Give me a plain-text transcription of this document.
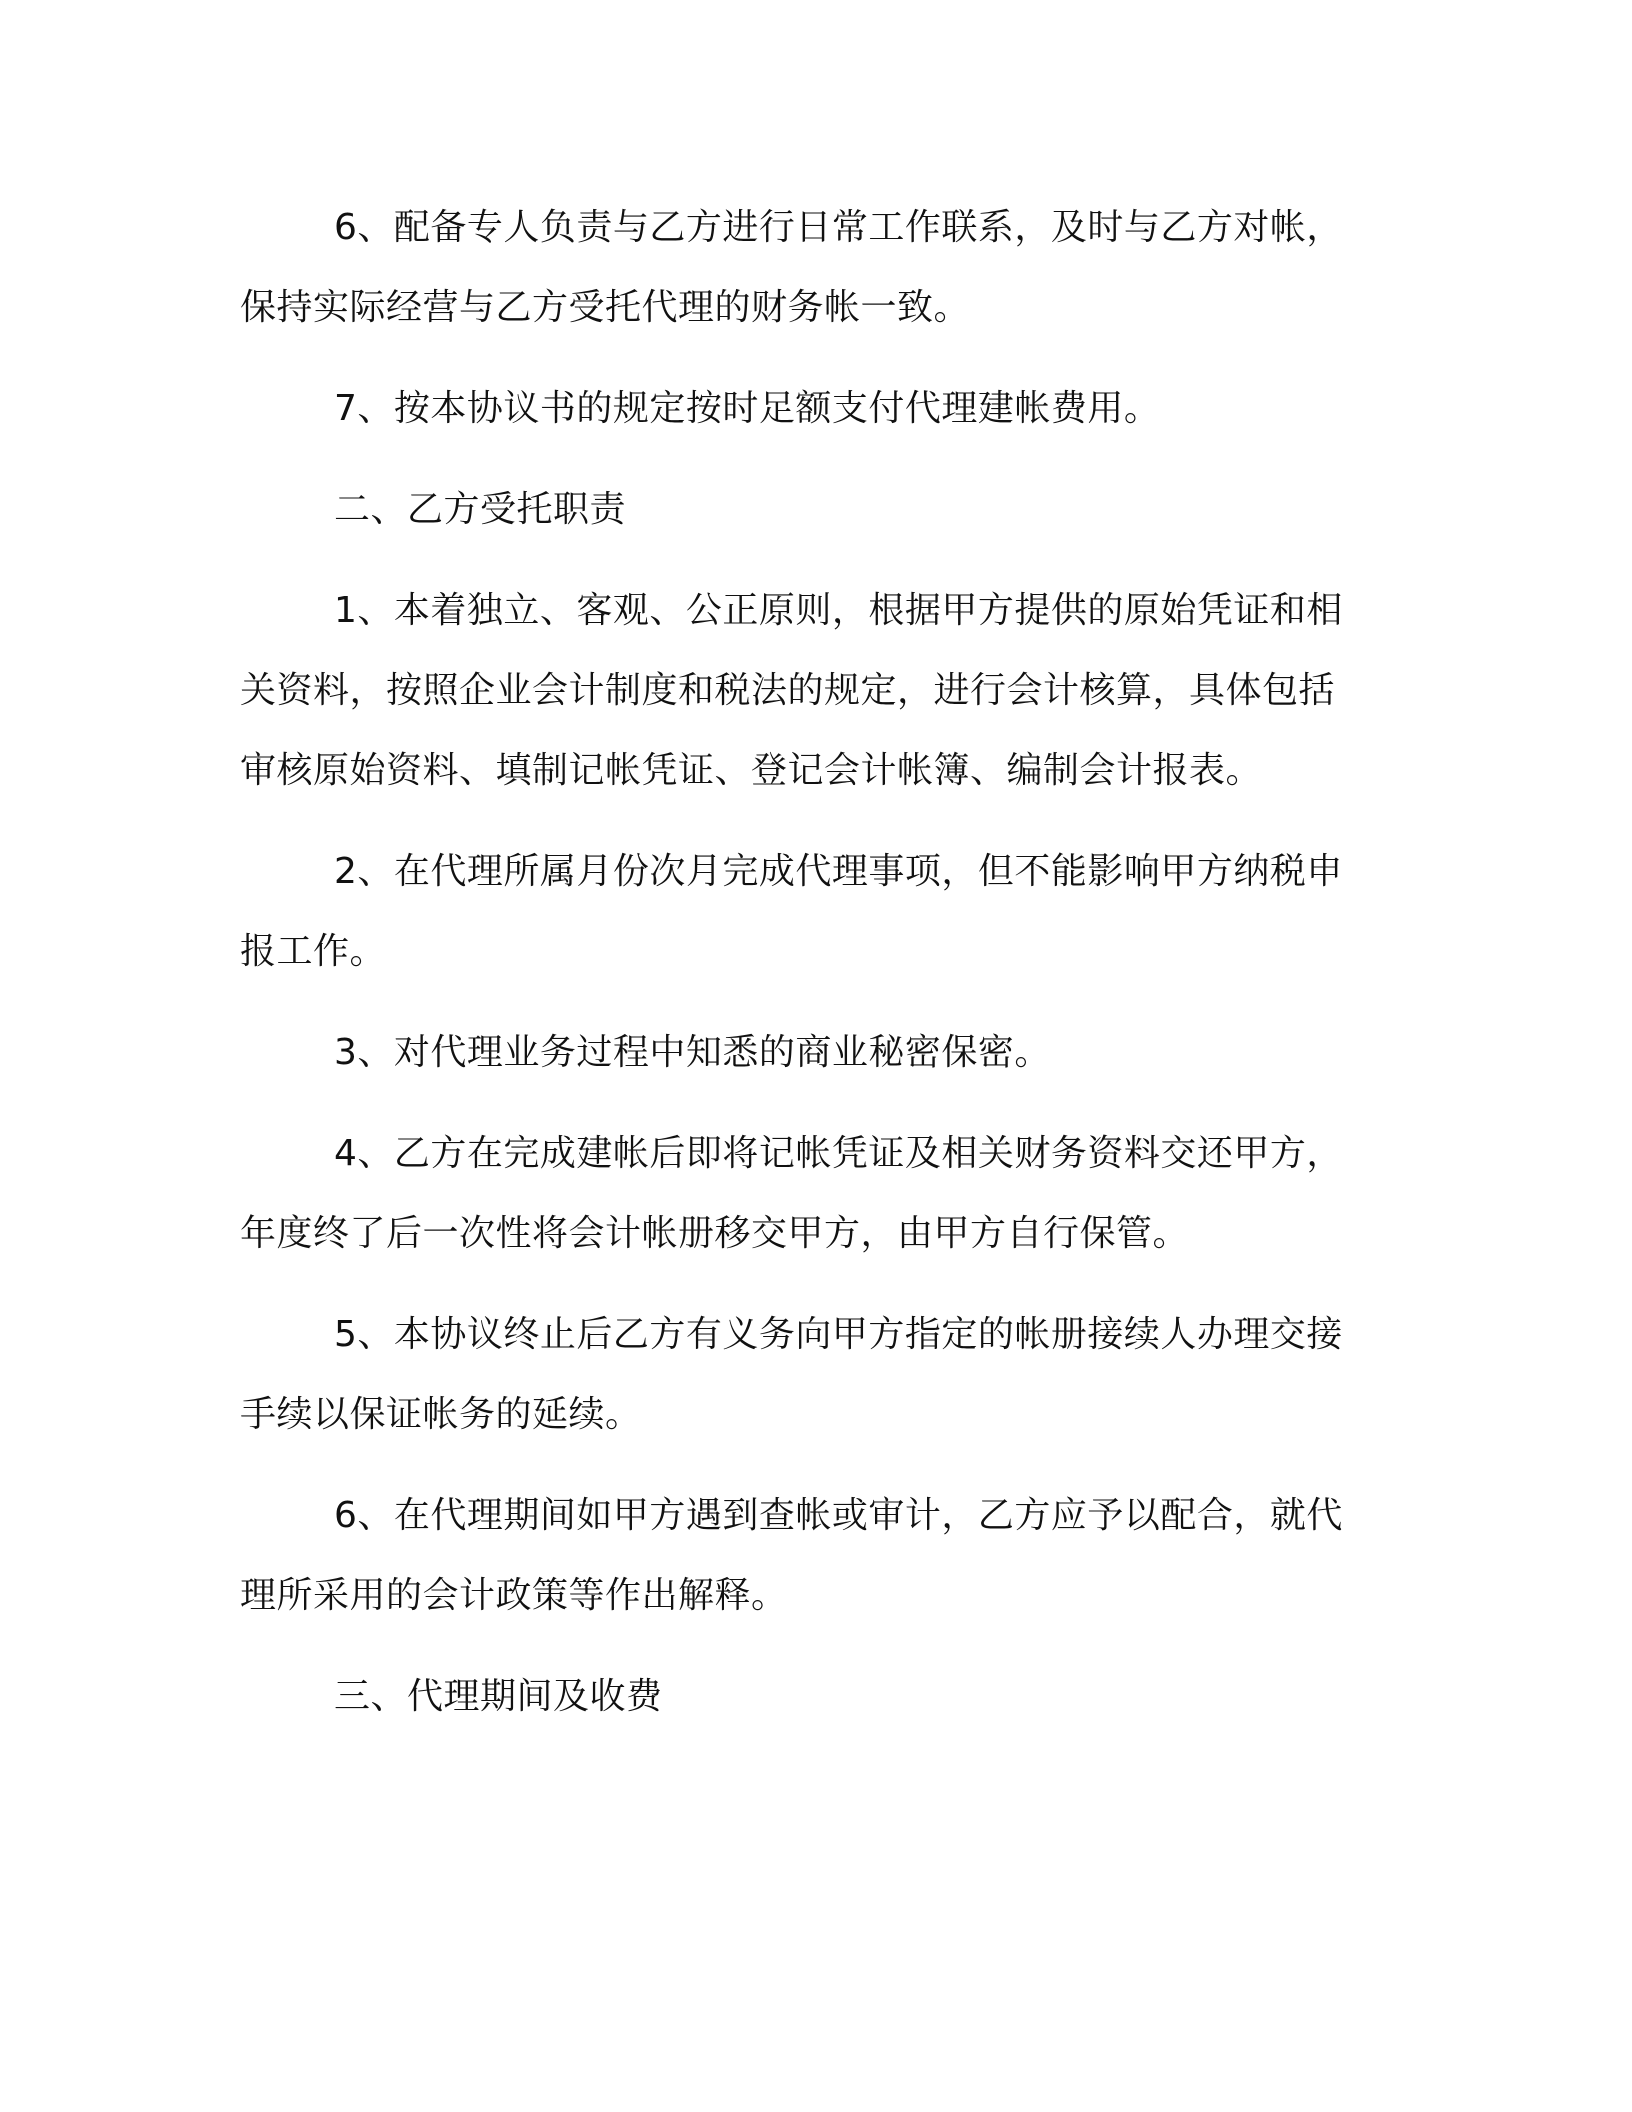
6、配备专人负责与乙方进行日常工作联系，及时与乙方对帐，保持实际经营与乙方受托代理的财务帐一致。

7、按本协议书的规定按时足额支付代理建帐费用。

二、乙方受托职责

1、本着独立、客观、公正原则，根据甲方提供的原始凭证和相关资料，按照企业会计制度和税法的规定，进行会计核算，具体包括审核原始资料、填制记帐凭证、登记会计帐簿、编制会计报表。

2、在代理所属月份次月完成代理事项，但不能影响甲方纳税申报工作。

3、对代理业务过程中知悉的商业秘密保密。

4、乙方在完成建帐后即将记帐凭证及相关财务资料交还甲方，年度终了后一次性将会计帐册移交甲方，由甲方自行保管。

5、本协议终止后乙方有义务向甲方指定的帐册接续人办理交接手续以保证帐务的延续。

6、在代理期间如甲方遇到查帐或审计，乙方应予以配合，就代理所采用的会计政策等作出解释。

三、代理期间及收费
